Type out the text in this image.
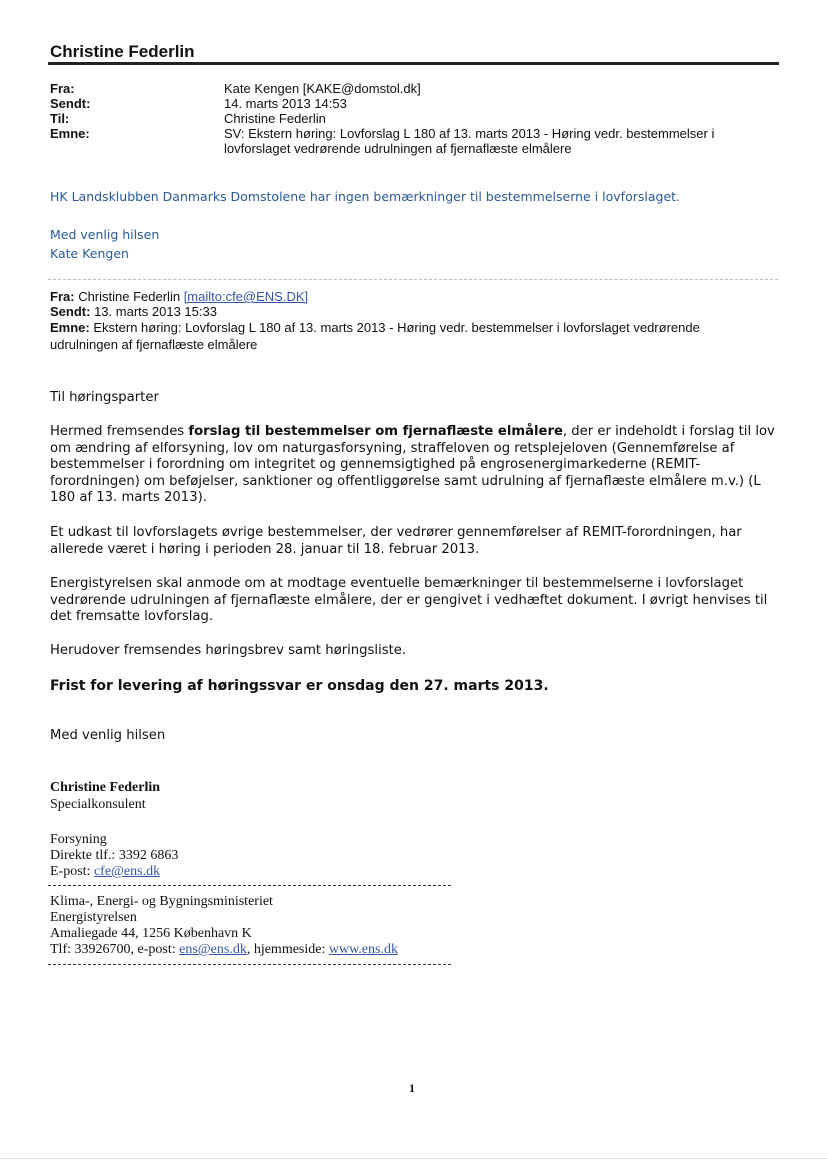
Christine Federlin
Fra:	Kate Kengen [KAKE@domstol.dk]
Sendt:	14. marts 2013 14:53
Til:	Christine Federlin
Emne:	SV: Ekstern høring: Lovforslag L 180 af 13. marts 2013 - Høring vedr. bestemmelser i
lovforslaget vedrørende udrulningen af fjernaflæste elmålere
HK Landsklubben Danmarks Domstolene har ingen bemærkninger til bestemmelserne i lovforslaget.
Med venlig hilsen
Kate Kengen
Fra: Christine Federlin [mailto:cfe@ENS.DK]
Sendt: 13. marts 2013 15:33
Emne: Ekstern høring: Lovforslag L 180 af 13. marts 2013 - Høring vedr. bestemmelser i lovforslaget vedrørende
udrulningen af fjernaflæste elmålere
Til høringsparter
Hermed fremsendes forslag til bestemmelser om fjernaflæste elmålere, der er indeholdt i forslag til lov om ændring af elforsyning, lov om naturgasforsyning, straffeloven og retsplejeloven (Gennemførelse af bestemmelser i forordning om integritet og gennemsigtighed på engrosenergimarkederne (REMIT-forordningen) om beføjelser, sanktioner og offentliggørelse samt udrulning af fjernaflæste elmålere m.v.) (L 180 af 13. marts 2013).
Et udkast til lovforslagets øvrige bestemmelser, der vedrører gennemførelser af REMIT-forordningen, har allerede været i høring i perioden 28. januar til 18. februar 2013.
Energistyrelsen skal anmode om at modtage eventuelle bemærkninger til bestemmelserne i lovforslaget vedrørende udrulningen af fjernaflæste elmålere, der er gengivet i vedhæftet dokument. I øvrigt henvises til det fremsatte lovforslag.
Herudover fremsendes høringsbrev samt høringsliste.
Frist for levering af høringssvar er onsdag den 27. marts 2013.
Med venlig hilsen
Christine Federlin
Specialkonsulent
Forsyning
Direkte tlf.: 3392 6863
E-post: cfe@ens.dk
Klima-, Energi- og Bygningsministeriet
Energistyrelsen
Amaliegade 44, 1256 København K
Tlf: 33926700, e-post: ens@ens.dk, hjemmeside: www.ens.dk
1
